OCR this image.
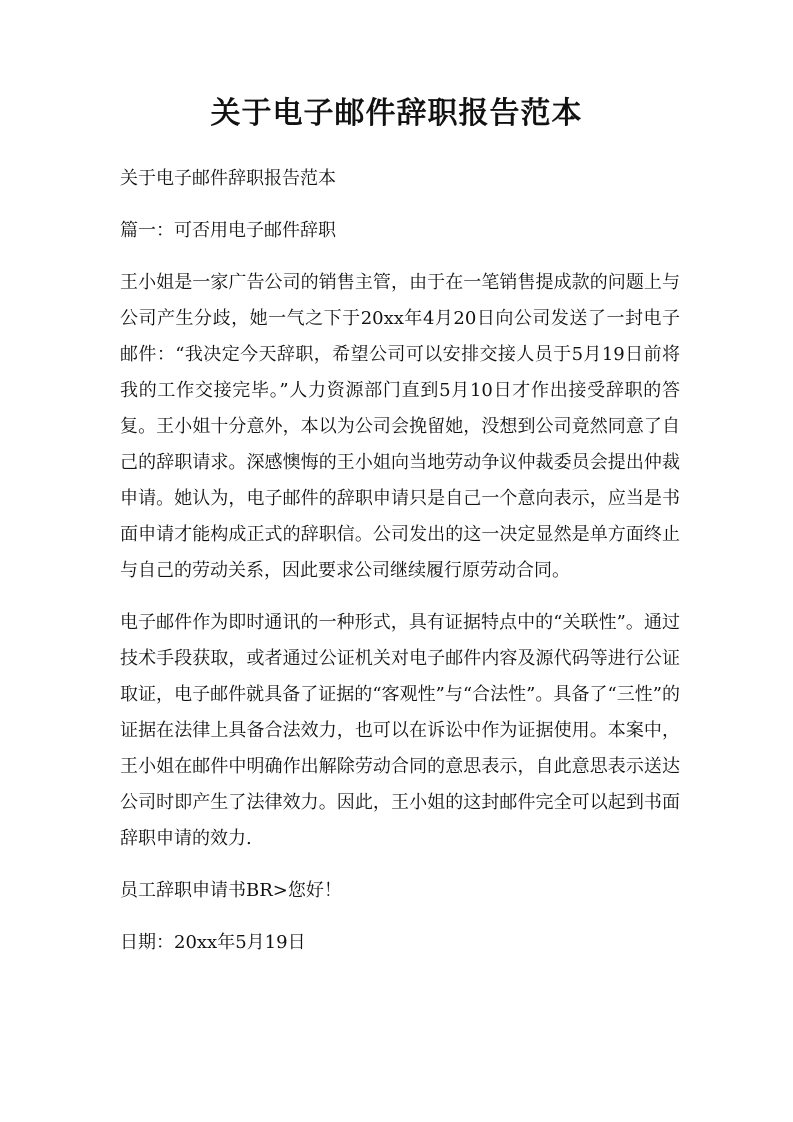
关于电子邮件辞职报告范本

关于电子邮件辞职报告范本

篇一：可否用电子邮件辞职

王小姐是一家广告公司的销售主管，由于在一笔销售提成款的问题上与公司产生分歧，她一气之下于20xx年4月20日向公司发送了一封电子邮件：“我决定今天辞职，希望公司可以安排交接人员于5月19日前将我的工作交接完毕。”人力资源部门直到5月10日才作出接受辞职的答复。王小姐十分意外，本以为公司会挽留她，没想到公司竟然同意了自己的辞职请求。深感懊悔的王小姐向当地劳动争议仲裁委员会提出仲裁申请。她认为，电子邮件的辞职申请只是自己一个意向表示，应当是书面申请才能构成正式的辞职信。公司发出的这一决定显然是单方面终止与自己的劳动关系，因此要求公司继续履行原劳动合同。

电子邮件作为即时通讯的一种形式，具有证据特点中的“关联性”。通过技术手段获取，或者通过公证机关对电子邮件内容及源代码等进行公证取证，电子邮件就具备了证据的“客观性”与“合法性”。具备了“三性”的证据在法律上具备合法效力，也可以在诉讼中作为证据使用。本案中，王小姐在邮件中明确作出解除劳动合同的意思表示，自此意思表示送达公司时即产生了法律效力。因此，王小姐的这封邮件完全可以起到书面辞职申请的效力.

员工辞职申请书BR>您好！

日期：20xx年5月19日
